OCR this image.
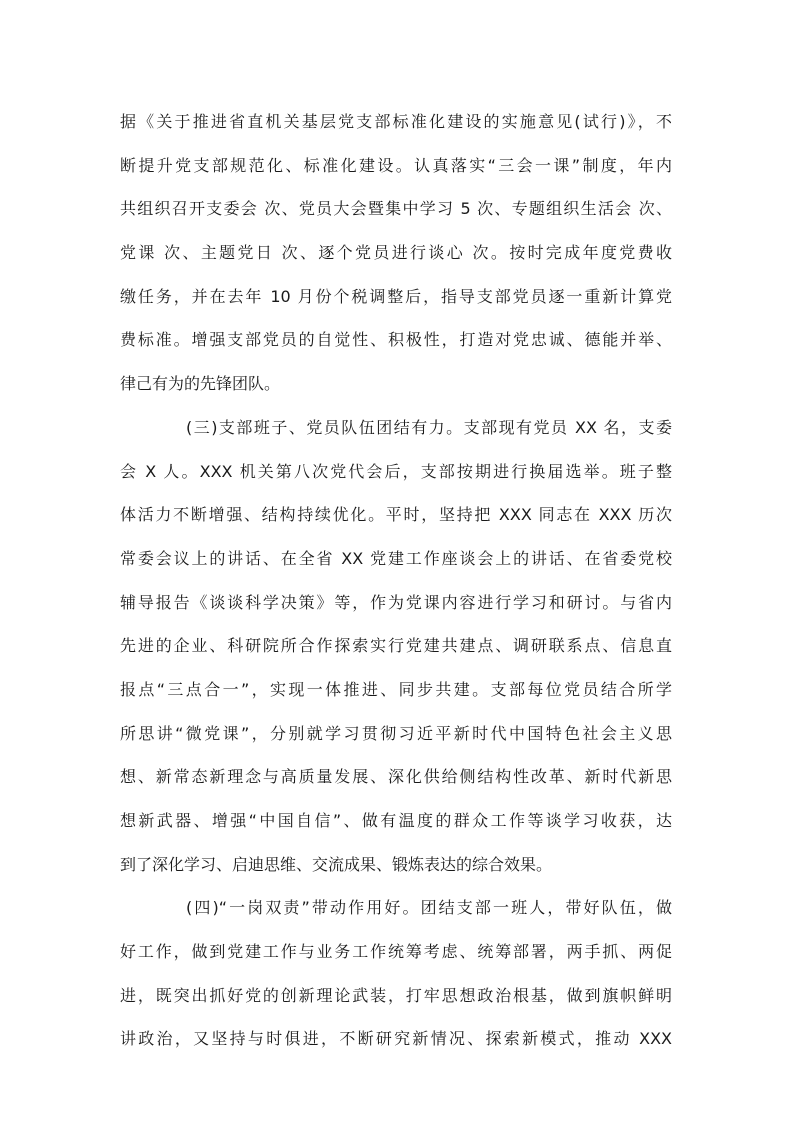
据《关于推进省直机关基层党支部标准化建设的实施意见(试行)》，不
断提升党支部规范化、标准化建设。认真落实“三会一课”制度，年内
共组织召开支委会 次、党员大会暨集中学习 5 次、专题组织生活会 次、
党课 次、主题党日 次、逐个党员进行谈心 次。按时完成年度党费收
缴任务，并在去年 10 月份个税调整后，指导支部党员逐一重新计算党
费标准。增强支部党员的自觉性、积极性，打造对党忠诚、德能并举、
律己有为的先锋团队。
(三)支部班子、党员队伍团结有力。支部现有党员 XX 名，支委
会 X 人。XXX 机关第八次党代会后，支部按期进行换届选举。班子整
体活力不断增强、结构持续优化。平时，坚持把 XXX 同志在 XXX 历次
常委会议上的讲话、在全省 XX 党建工作座谈会上的讲话、在省委党校
辅导报告《谈谈科学决策》等，作为党课内容进行学习和研讨。与省内
先进的企业、科研院所合作探索实行党建共建点、调研联系点、信息直
报点“三点合一”，实现一体推进、同步共建。支部每位党员结合所学
所思讲“微党课”，分别就学习贯彻习近平新时代中国特色社会主义思
想、新常态新理念与高质量发展、深化供给侧结构性改革、新时代新思
想新武器、增强“中国自信”、做有温度的群众工作等谈学习收获，达
到了深化学习、启迪思维、交流成果、锻炼表达的综合效果。
(四)“一岗双责”带动作用好。团结支部一班人，带好队伍，做
好工作，做到党建工作与业务工作统筹考虑、统筹部署，两手抓、两促
进，既突出抓好党的创新理论武装，打牢思想政治根基，做到旗帜鲜明
讲政治，又坚持与时俱进，不断研究新情况、探索新模式，推动 XXX
